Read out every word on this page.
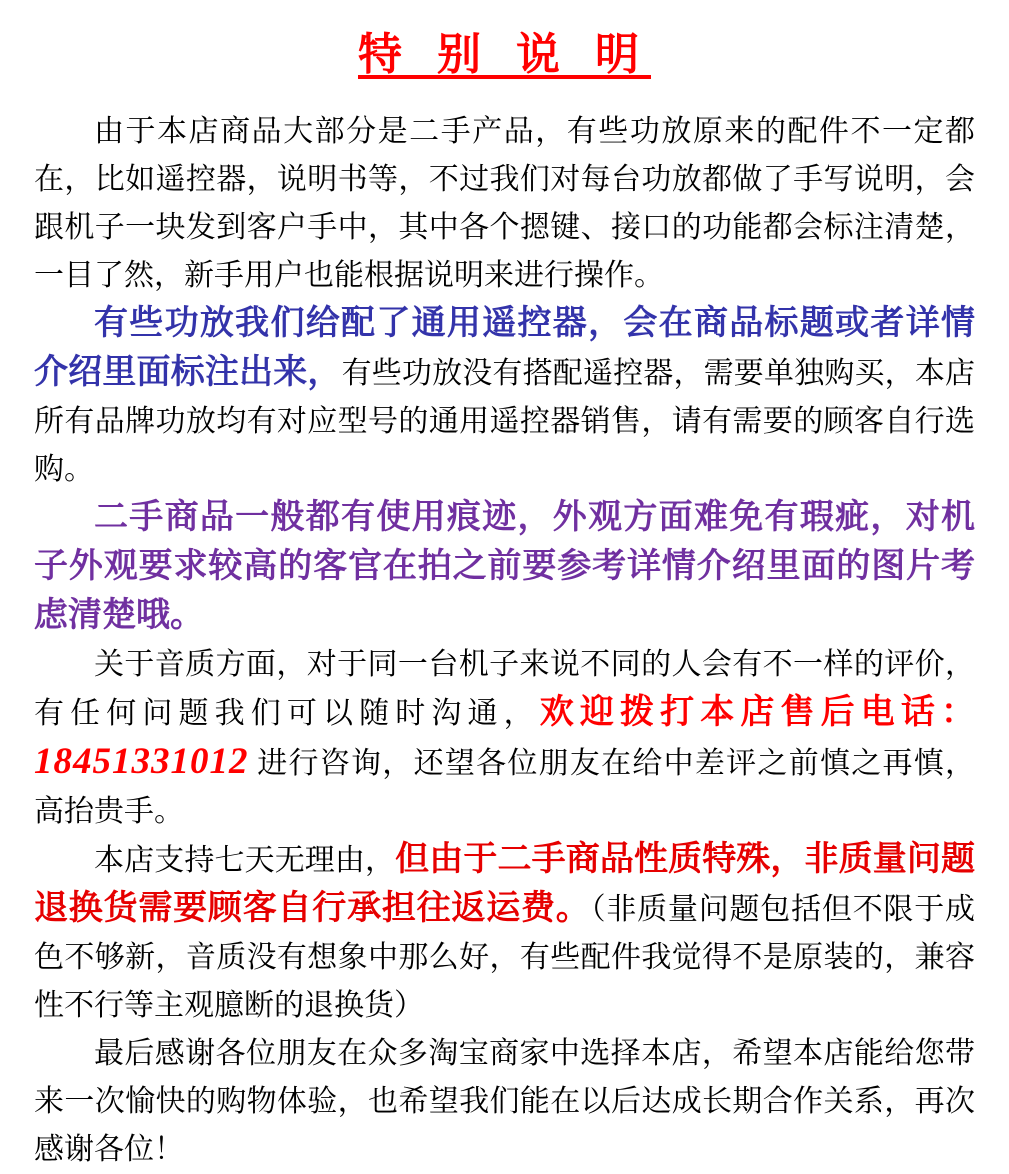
特 别 说 明

由于本店商品大部分是二手产品，有些功放原来的配件不一定都在，比如遥控器，说明书等，不过我们对每台功放都做了手写说明，会跟机子一块发到客户手中，其中各个摁键、接口的功能都会标注清楚，一目了然，新手用户也能根据说明来进行操作。

有些功放我们给配了通用遥控器，会在商品标题或者详情介绍里面标注出来，有些功放没有搭配遥控器，需要单独购买，本店所有品牌功放均有对应型号的通用遥控器销售，请有需要的顾客自行选购。

二手商品一般都有使用痕迹，外观方面难免有瑕疵，对机子外观要求较高的客官在拍之前要参考详情介绍里面的图片考虑清楚哦。

关于音质方面，对于同一台机子来说不同的人会有不一样的评价，有任何问题我们可以随时沟通，欢迎拨打本店售后电话：18451331012 进行咨询，还望各位朋友在给中差评之前慎之再慎，高抬贵手。

本店支持七天无理由，但由于二手商品性质特殊，非质量问题退换货需要顾客自行承担往返运费。（非质量问题包括但不限于成色不够新，音质没有想象中那么好，有些配件我觉得不是原装的，兼容性不行等主观臆断的退换货）

最后感谢各位朋友在众多淘宝商家中选择本店，希望本店能给您带来一次愉快的购物体验，也希望我们能在以后达成长期合作关系，再次感谢各位！
